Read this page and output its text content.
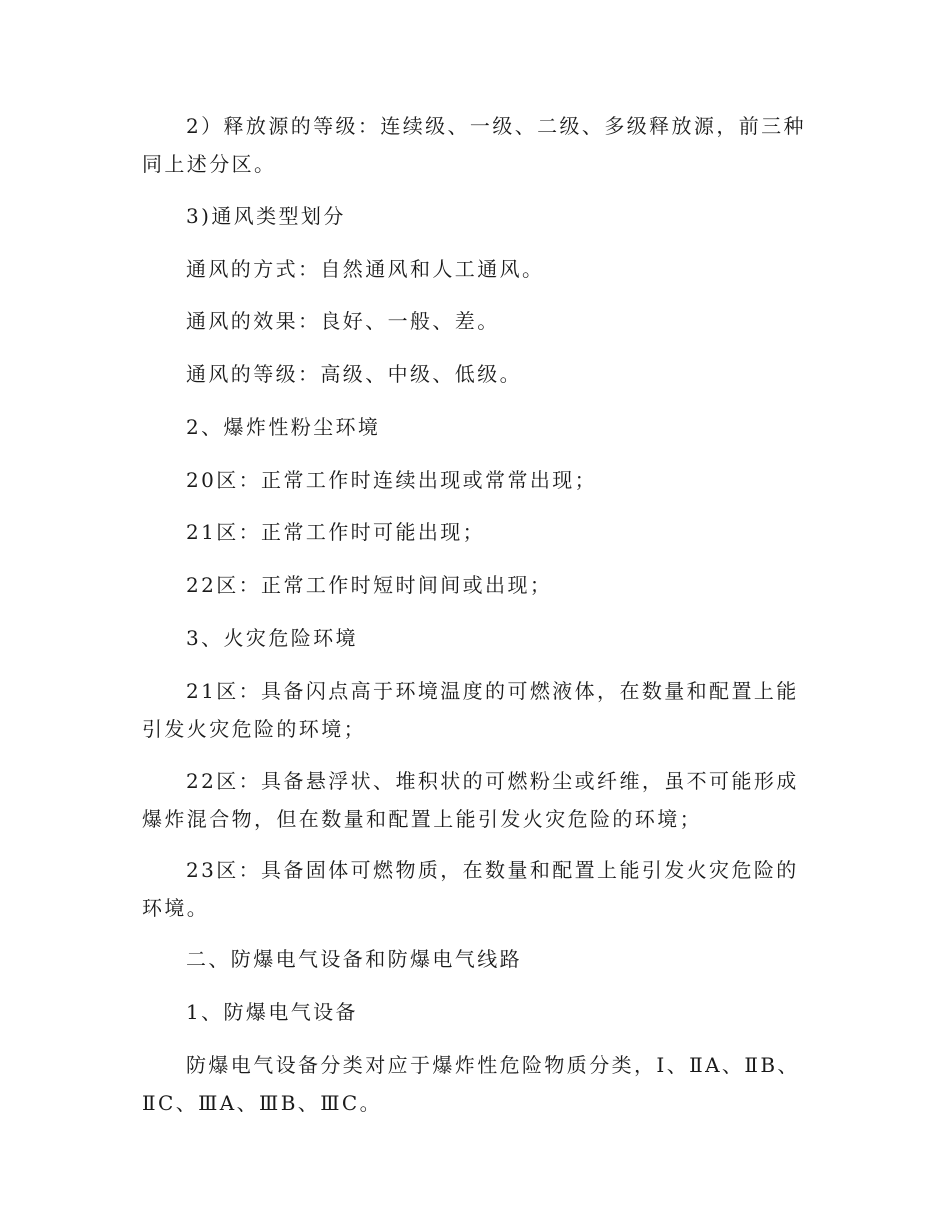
2）释放源的等级：连续级、一级、二级、多级释放源，前三种同上述分区。

3)通风类型划分

通风的方式：自然通风和人工通风。

通风的效果：良好、一般、差。

通风的等级：高级、中级、低级。

2、爆炸性粉尘环境

20区：正常工作时连续出现或常常出现；

21区：正常工作时可能出现；

22区：正常工作时短时间间或出现；

3、火灾危险环境

21区：具备闪点高于环境温度的可燃液体，在数量和配置上能引发火灾危险的环境；

22区：具备悬浮状、堆积状的可燃粉尘或纤维，虽不可能形成爆炸混合物，但在数量和配置上能引发火灾危险的环境；

23区：具备固体可燃物质，在数量和配置上能引发火灾危险的环境。

二、防爆电气设备和防爆电气线路

1、防爆电气设备

防爆电气设备分类对应于爆炸性危险物质分类，Ⅰ、ⅡA、ⅡB、ⅡC、ⅢA、ⅢB、ⅢC。
